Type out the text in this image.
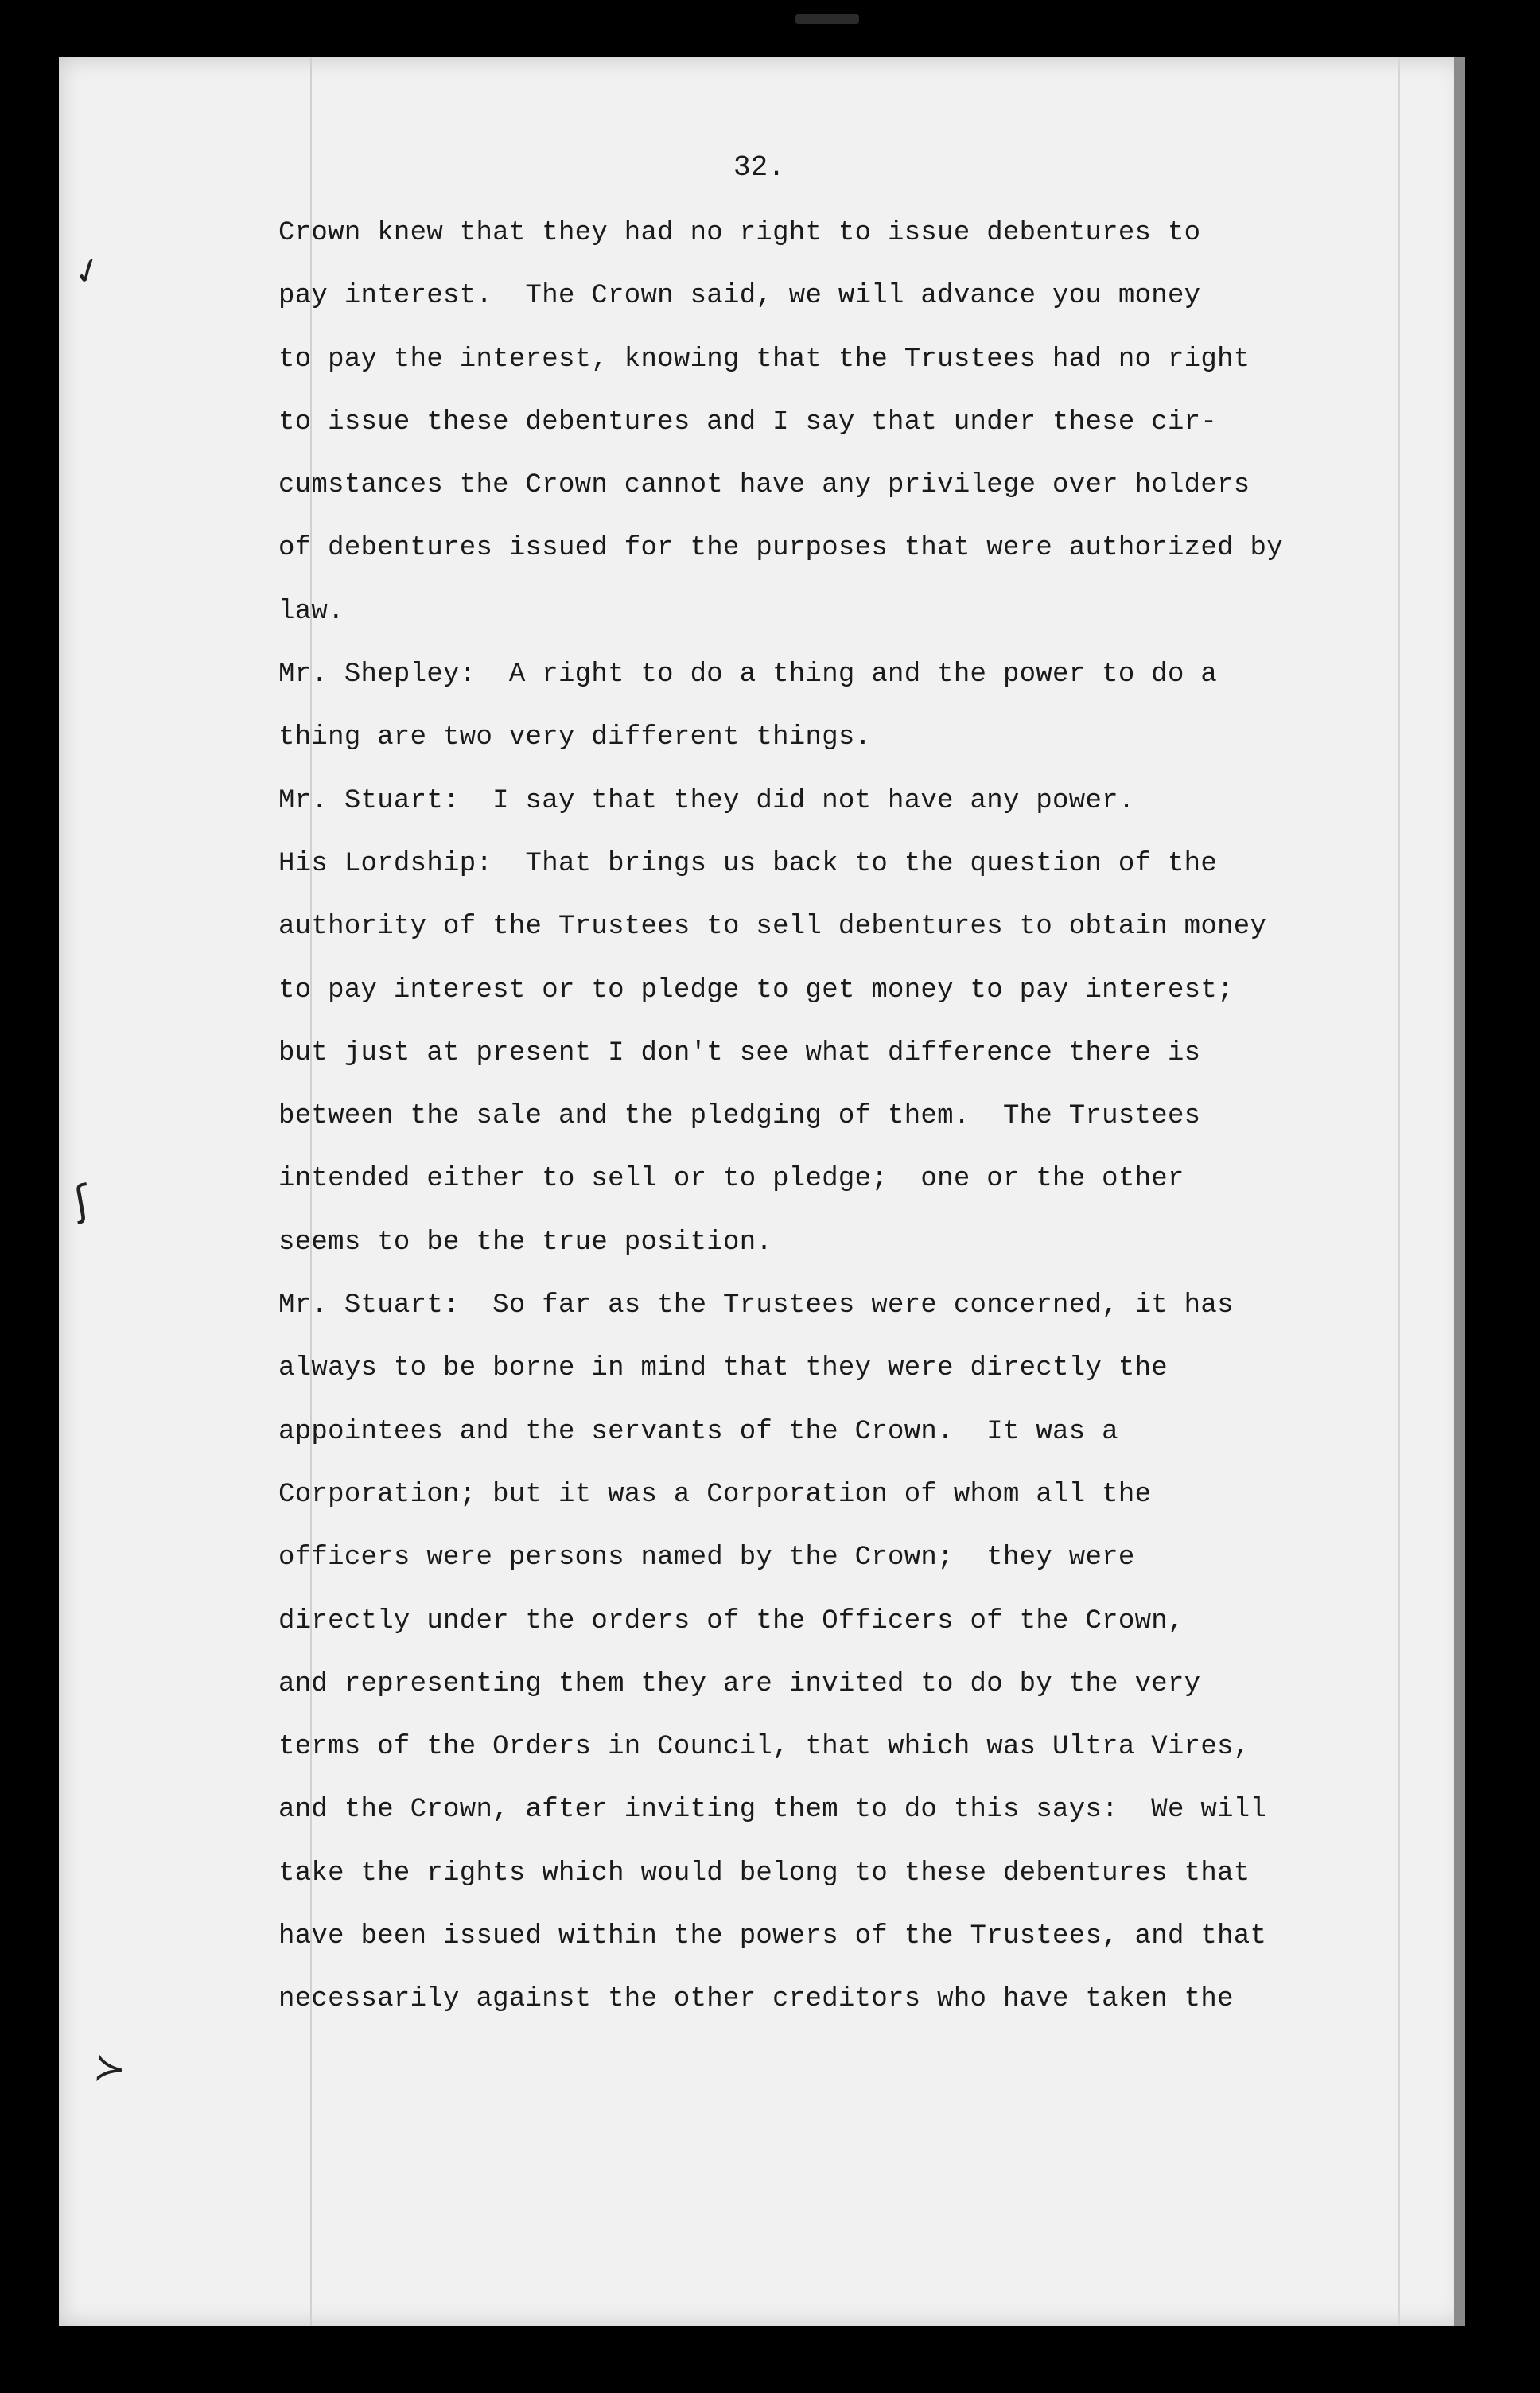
32.

Crown knew that they had no right to issue debentures to
pay interest.  The Crown said, we will advance you money
to pay the interest, knowing that the Trustees had no right
to issue these debentures and I say that under these cir-
cumstances the Crown cannot have any privilege over holders
of debentures issued for the purposes that were authorized by
law.
Mr. Shepley:  A right to do a thing and the power to do a
thing are two very different things.
Mr. Stuart:  I say that they did not have any power.
His Lordship:  That brings us back to the question of the
authority of the Trustees to sell debentures to obtain money
to pay interest or to pledge to get money to pay interest;
but just at present I don't see what difference there is
between the sale and the pledging of them.  The Trustees
intended either to sell or to pledge;  one or the other
seems to be the true position.
Mr. Stuart:  So far as the Trustees were concerned, it has
always to be borne in mind that they were directly the
appointees and the servants of the Crown.  It was a
Corporation; but it was a Corporation of whom all the
officers were persons named by the Crown;  they were
directly under the orders of the Officers of the Crown,
and representing them they are invited to do by the very
terms of the Orders in Council, that which was Ultra Vires,
and the Crown, after inviting them to do this says:  We will
take the rights which would belong to these debentures that
have been issued within the powers of the Trustees, and that
necessarily against the other creditors who have taken the
✓
ʃ
≻
